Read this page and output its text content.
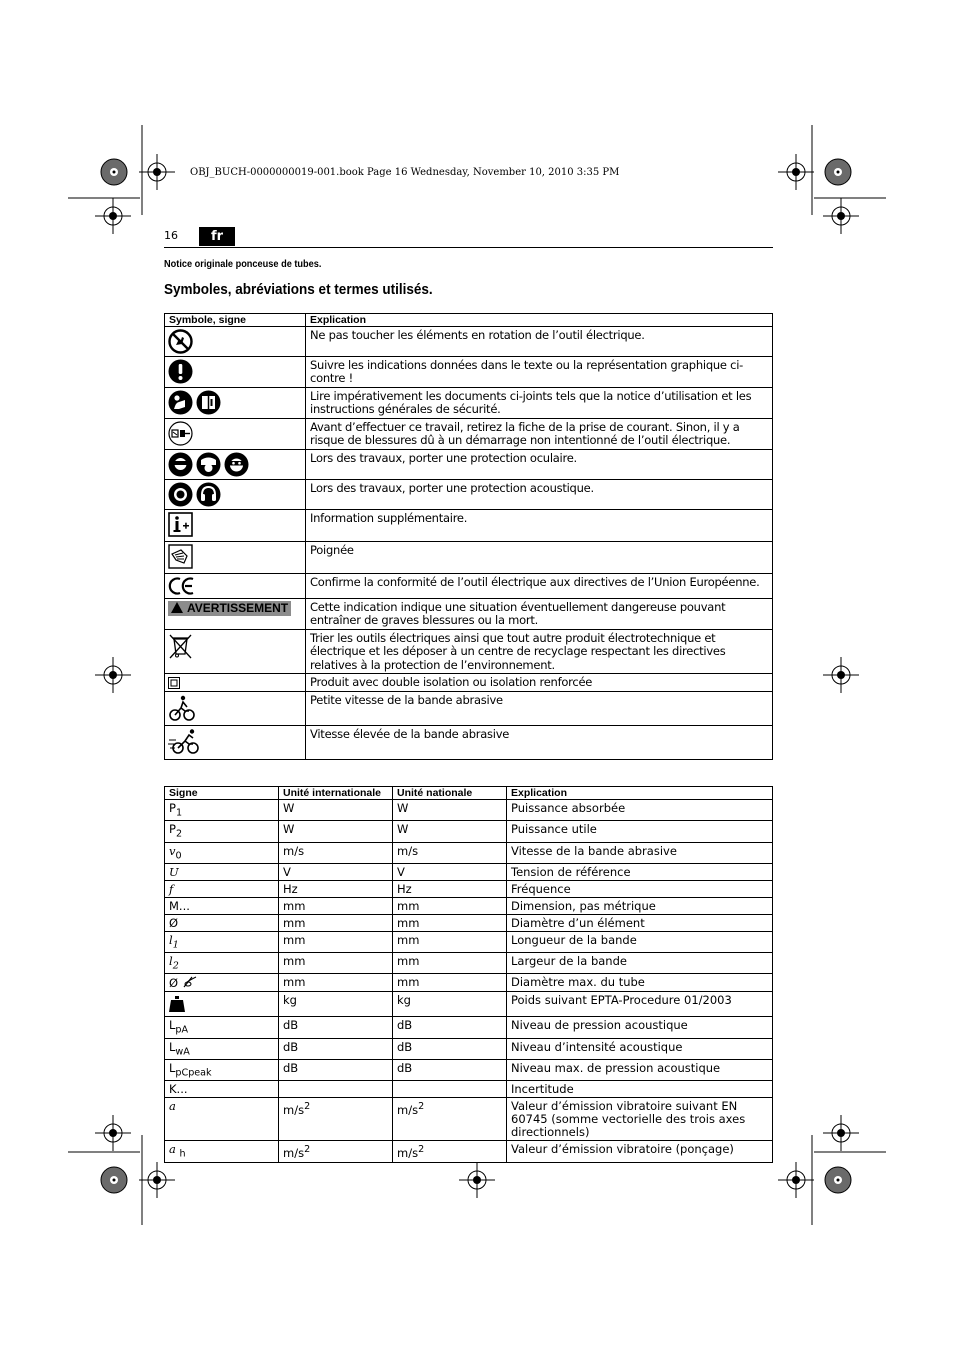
OBJ_BUCH-0000000019-001.book Page 16 Wednesday, November 10, 2010 3:35 PM
16	fr
Notice originale ponceuse de tubes.
Symboles, abréviations et termes utilisés.
Symbole, signe	Explication
	Ne pas toucher les éléments en rotation de l’outil électrique.
	Suivre les indications données dans le texte ou la représentation graphique ci-contre !
	Lire impérativement les documents ci-joints tels que la notice d’utilisation et les instructions générales de sécurité.
	Avant d’effectuer ce travail, retirez la fiche de la prise de courant. Sinon, il y a risque de blessures dû à un démarrage non intentionné de l’outil électrique.
	Lors des travaux, porter une protection oculaire.
	Lors des travaux, porter une protection acoustique.
	Information supplémentaire.
	Poignée
	Confirme la conformité de l’outil électrique aux directives de l’Union Européenne.
AVERTISSEMENT	Cette indication indique une situation éventuellement dangereuse pouvant entraîner de graves blessures ou la mort.
	Trier les outils électriques ainsi que tout autre produit électrotechnique et électrique et les déposer à un centre de recyclage respectant les directives relatives à la protection de l’environnement.
	Produit avec double isolation ou isolation renforcée
	Petite vitesse de la bande abrasive
	Vitesse élevée de la bande abrasive
Signe	Unité internationale	Unité nationale	Explication
$P_1$	W	W	Puissance absorbée
$P_2$	W	W	Puissance utile
$v_0$	m/s	m/s	Vitesse de la bande abrasive
U	V	V	Tension de référence
f	Hz	Hz	Fréquence
M...	mm	mm	Dimension, pas métrique
Ø	mm	mm	Diamètre d’un élément
$l_1$	mm	mm	Longueur de la bande
$l_2$	mm	mm	Largeur de la bande
Ø	mm	mm	Diamètre max. du tube
	kg	kg	Poids suivant EPTA-Procedure 01/2003
$L_{pA}$	dB	dB	Niveau de pression acoustique
$L_{wA}$	dB	dB	Niveau d’intensité acoustique
$L_{pCpeak}$	dB	dB	Niveau max. de pression acoustique
K...			Incertitude
a	$m/s^2$	$m/s^2$	Valeur d’émission vibratoire suivant EN 60745 (somme vectorielle des trois axes directionnels)
a $_h$	$m/s^2$	$m/s^2$	Valeur d’émission vibratoire (ponçage)
